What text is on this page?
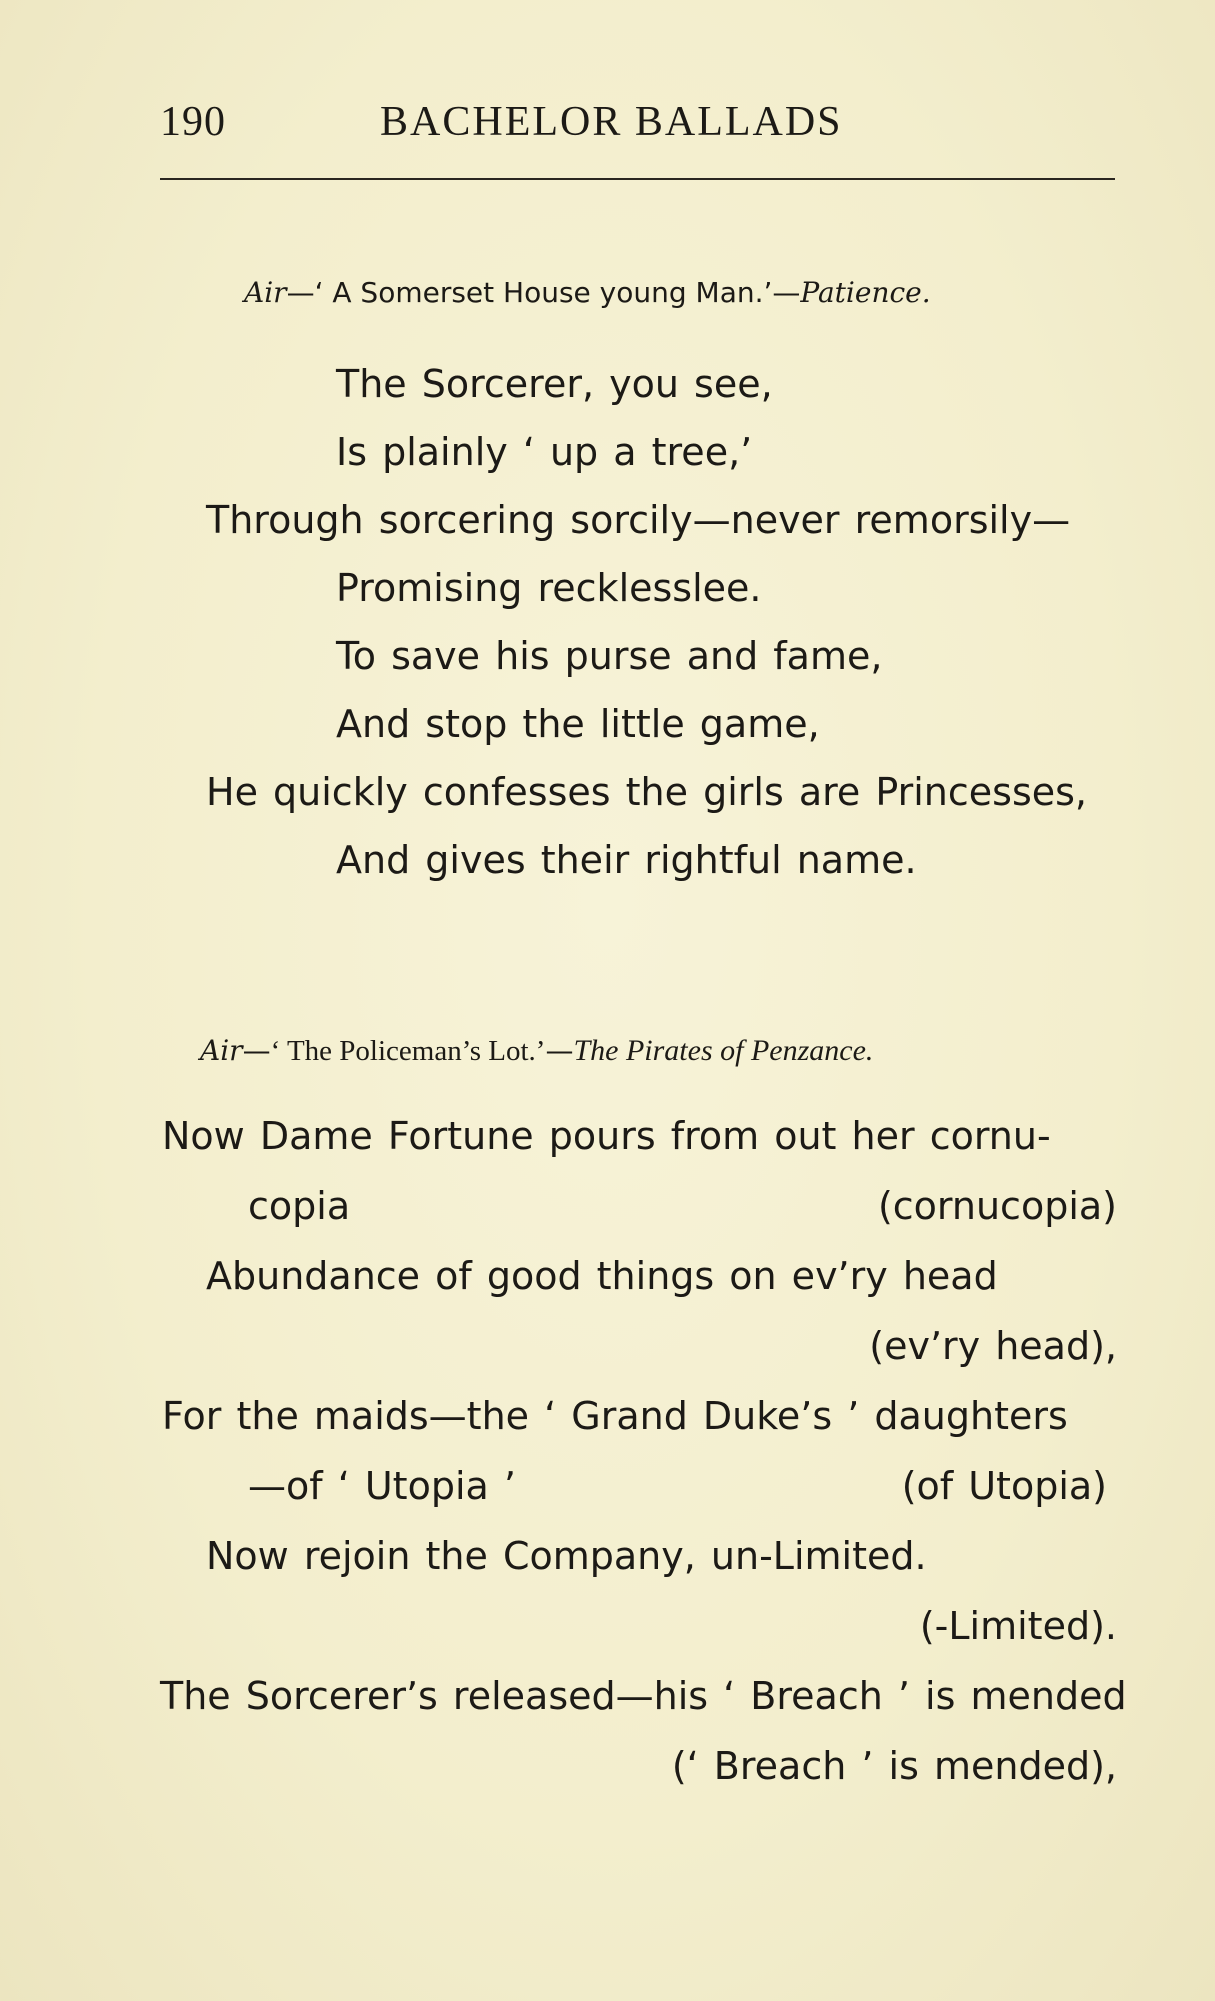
190	BACHELOR BALLADS
Air—‘ A Somerset House young Man.’—Patience.
The Sorcerer, you see,
Is plainly ‘ up a tree,’
Through sorcering sorcily—never remorsily—
Promising recklesslee.
To save his purse and fame,
And stop the little game,
He quickly confesses the girls are Princesses,
And gives their rightful name.
Air—‘ The Policeman’s Lot.’—The Pirates of Penzance.
Now Dame Fortune pours from out her cornu-
copia	(cornucopia)
Abundance of good things on ev’ry head
(ev’ry head),
For the maids—the ‘ Grand Duke’s ’ daughters
—of ‘ Utopia ’	(of Utopia)
Now rejoin the Company, un-Limited.
(-Limited).
The Sorcerer’s released—his ‘ Breach ’ is mended
(‘ Breach ’ is mended),
